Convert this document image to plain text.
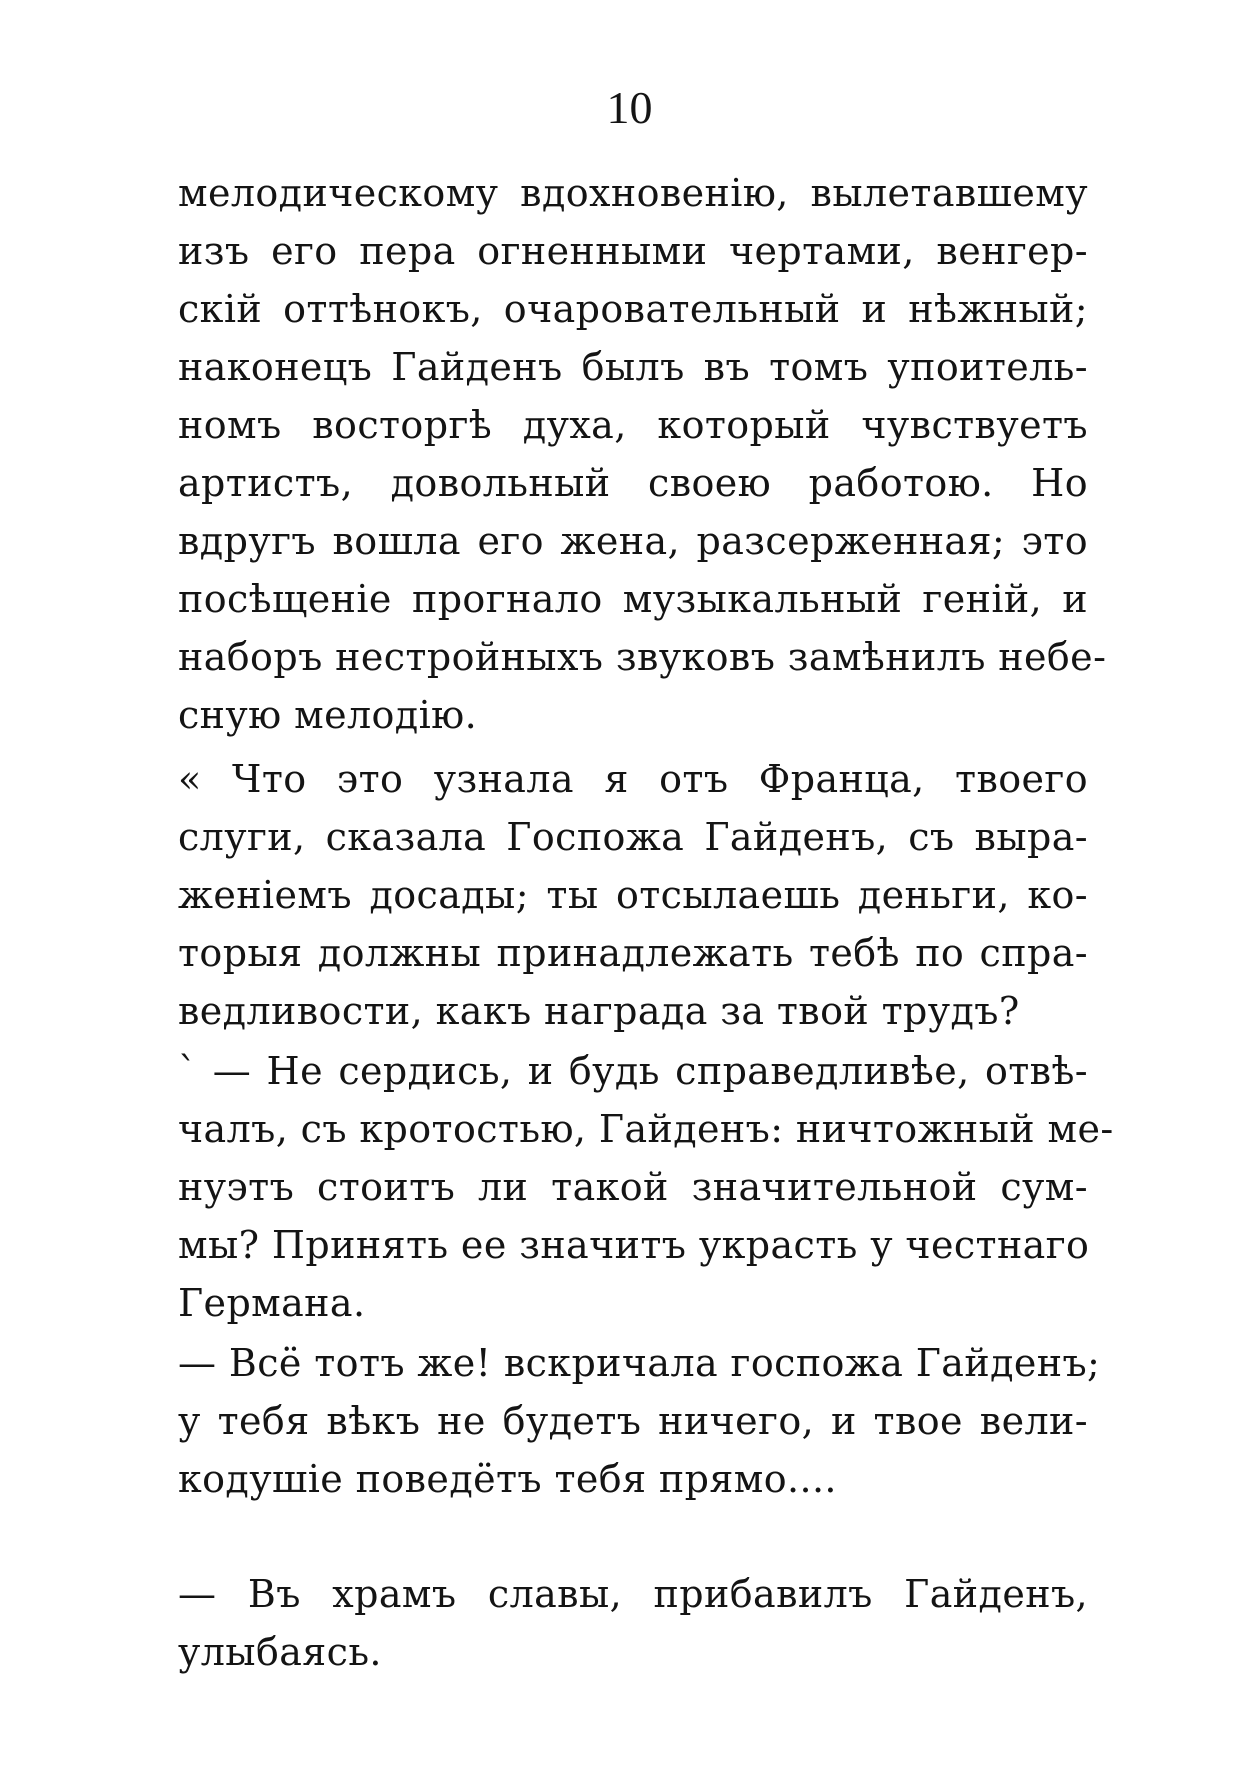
10
мелодическому вдохновенію, вылетавшему
изъ его пера огненными чертами, венгер-
скій оттѣнокъ, очаровательный и нѣжный;
наконецъ Гайденъ былъ въ томъ упоитель-
номъ восторгѣ духа, который чувствуетъ
артистъ, довольный своею работою. Но
вдругъ вошла его жена, разсерженная; это
посѣщеніе прогнало музыкальный геній, и
наборъ нестройныхъ звуковъ замѣнилъ небе-
сную мелодію.
« Что это узнала я отъ Франца, твоего
слуги, сказала Госпожа Гайденъ, съ выра-
женіемъ досады; ты отсылаешь деньги, ко-
торыя должны принадлежать тебѣ по спра-
ведливости, какъ награда за твой трудъ?
` — Не сердись, и будь справедливѣе, отвѣ-
чалъ, съ кротостью, Гайденъ: ничтожный ме-
нуэтъ стоитъ ли такой значительной сум-
мы? Принять ее значитъ украсть у честнаго
Германа.
— Всё тотъ же! вскричала госпожа Гайденъ;
у тебя вѣкъ не будетъ ничего, и твое вели-
кодушіе поведётъ тебя прямо....
— Въ храмъ славы, прибавилъ Гайденъ,
улыбаясь.
